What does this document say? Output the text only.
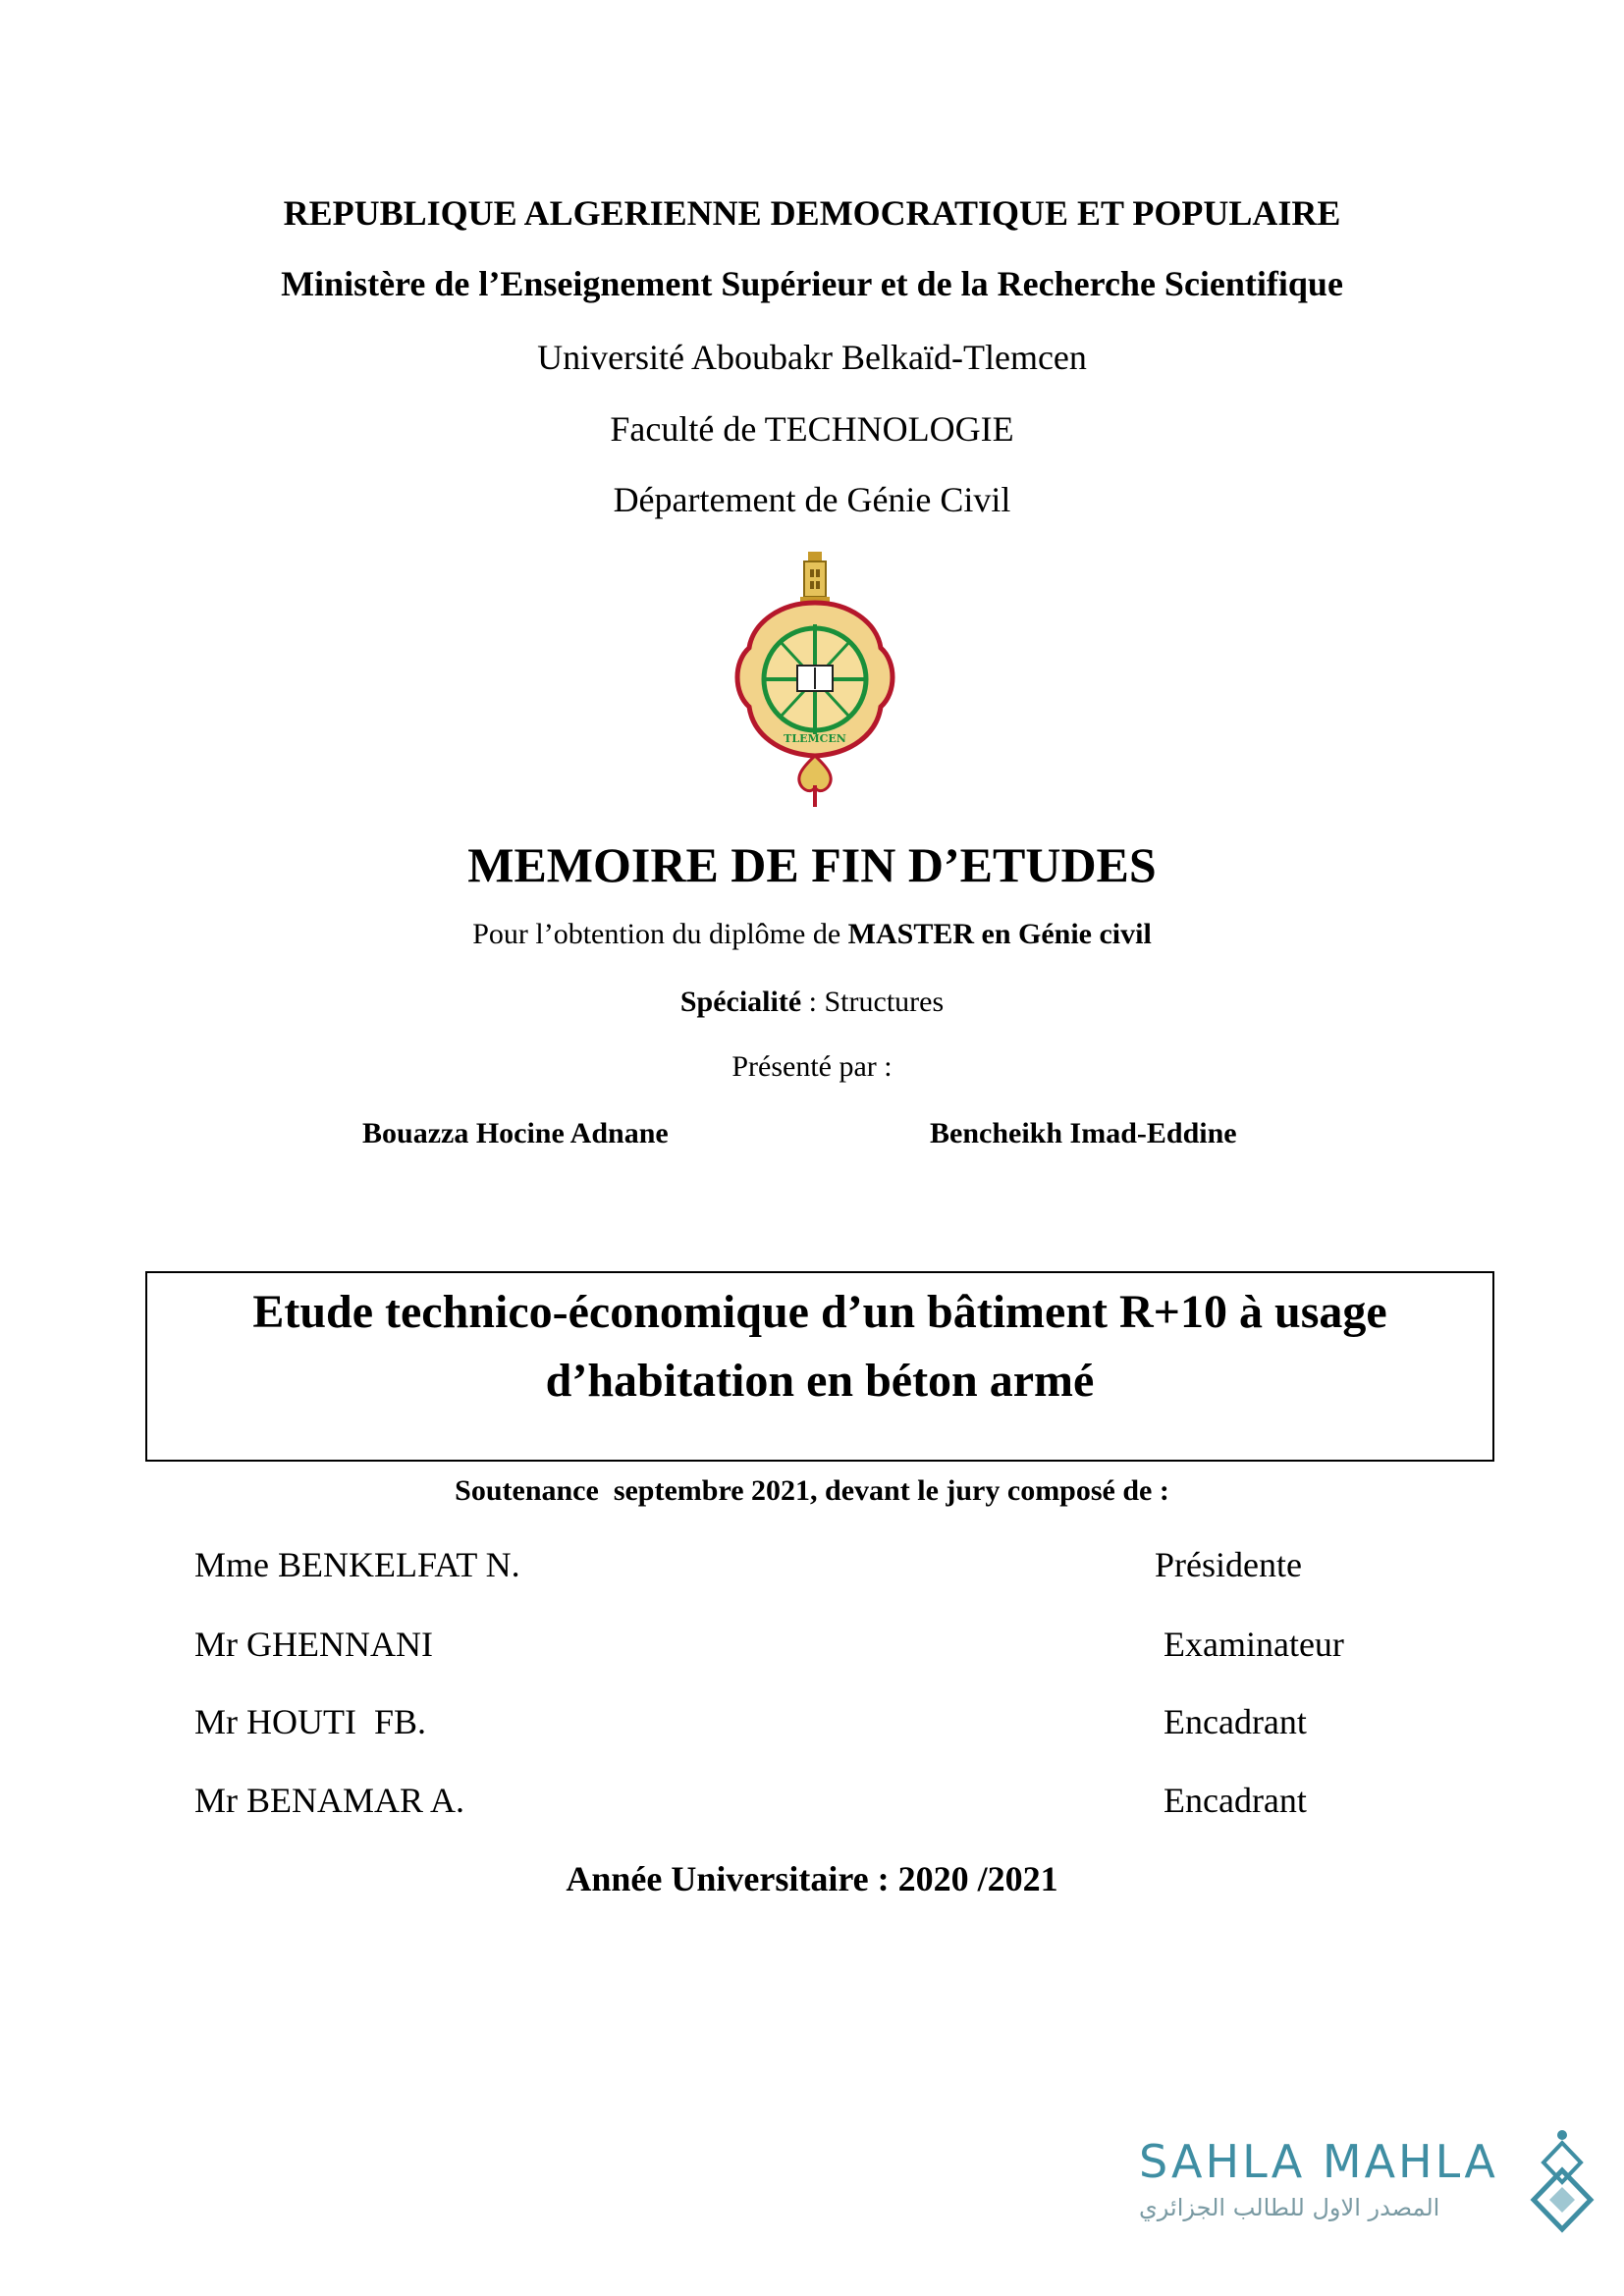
REPUBLIQUE ALGERIENNE DEMOCRATIQUE ET POPULAIRE
Ministère de l’Enseignement Supérieur et de la Recherche Scientifique
Université Aboubakr Belkaïd-Tlemcen
Faculté de TECHNOLOGIE
Département de Génie Civil
TLEMCEN
MEMOIRE DE FIN D’ETUDES
Pour l’obtention du diplôme de MASTER en Génie civil
Spécialité : Structures
Présenté par :
Bouazza Hocine Adnane	Bencheikh Imad-Eddine
Etude technico-économique d’un bâtiment R+10 à usage
d’habitation en béton armé
Soutenance  septembre 2021, devant le jury composé de :
Mme BENKELFAT N.	Présidente
Mr GHENNANI	Examinateur
Mr HOUTI  FB.	Encadrant
Mr BENAMAR A.	Encadrant
Année Universitaire : 2020 /2021
SAHLA MAHLA
المصدر الاول للطالب الجزائري
